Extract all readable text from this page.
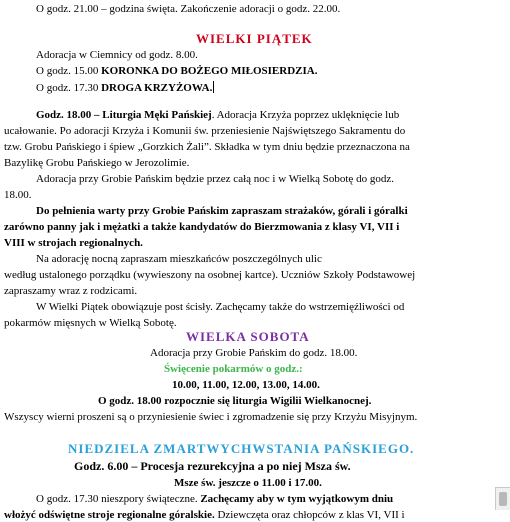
O godz. 21.00 – godzina święta. Zakończenie adoracji o godz. 22.00.
WIELKI PIĄTEK
Adoracja w Ciemnicy od godz. 8.00.
O godz. 15.00 KORONKA DO BOŻEGO MIŁOSIERDZIA.
O godz. 17.30 DROGA KRZYŻOWA.
Godz. 18.00 – Liturgia Męki Pańskiej. Adoracja Krzyża poprzez uklęknięcie lub
ucałowanie. Po adoracji Krzyża i Komunii św. przeniesienie Najświętszego Sakramentu do
tzw. Grobu Pańskiego i śpiew „Gorzkich Żali”. Składka w tym dniu będzie przeznaczona na
Bazylikę Grobu Pańskiego w Jerozolimie.
Adoracja przy Grobie Pańskim będzie przez całą noc i w Wielką Sobotę do godz.
18.00.
Do pełnienia warty przy Grobie Pańskim zapraszam strażaków, górali i góralki
zarówno panny jak i mężatki a także kandydatów do Bierzmowania z klasy VI, VII i
VIII w strojach regionalnych.
Na adorację nocną zapraszam mieszkańców poszczególnych ulic
według ustalonego porządku (wywieszony na osobnej kartce). Uczniów Szkoły Podstawowej
zapraszamy wraz z rodzicami.
W Wielki Piątek obowiązuje post ścisły. Zachęcamy także do wstrzemięźliwości od
pokarmów mięsnych w Wielką Sobotę.
WIELKA SOBOTA
Adoracja przy Grobie Pańskim do godz. 18.00.
Święcenie pokarmów o godz.:
10.00, 11.00, 12.00, 13.00, 14.00.
O godz. 18.00 rozpocznie się liturgia Wigilii Wielkanocnej.
Wszyscy wierni proszeni są o przyniesienie świec i zgromadzenie się przy Krzyżu Misyjnym.
NIEDZIELA ZMARTWYCHWSTANIA PAŃSKIEGO.
Godz. 6.00 – Procesja rezurekcyjna a po niej Msza św.
Msze św. jeszcze o 11.00 i 17.00.
O godz. 17.30 nieszpory świąteczne. Zachęcamy aby w tym wyjątkowym dniu
włożyć odświętne stroje regionalne góralskie. Dziewczęta oraz chłopców z klas VI, VII i
